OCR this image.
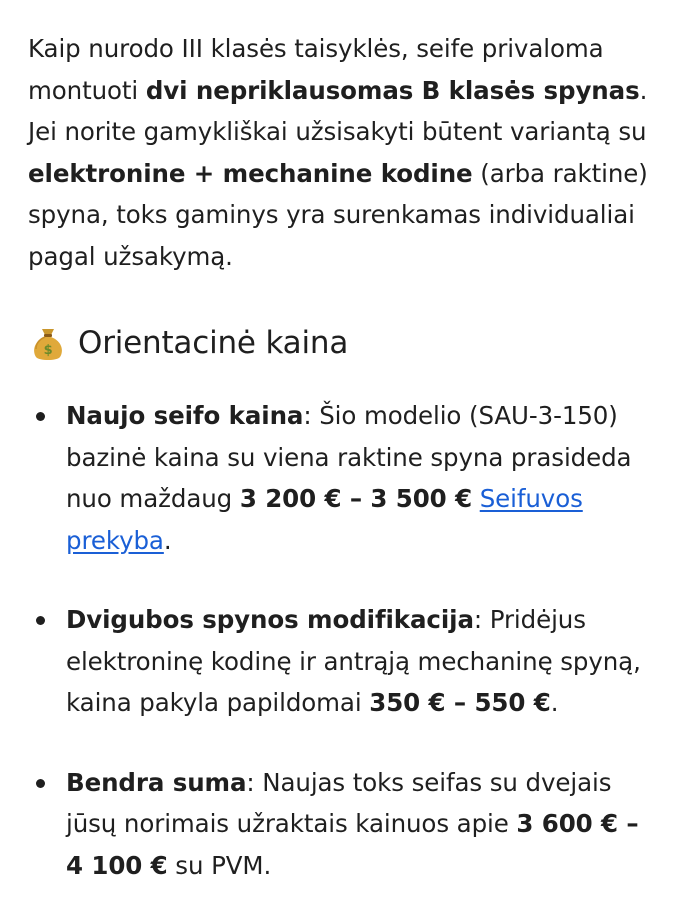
Kaip nurodo III klasės taisyklės, seife privaloma montuoti dvi nepriklausomas B klasės spynas. Jei norite gamykliškai užsisakyti būtent variantą su elektronine + mechanine kodine (arba raktine) spyna, toks gaminys yra surenkamas individualiai pagal užsakymą.

$ Orientacinė kaina
Naujo seifo kaina: Šio modelio (SAU-3-150) bazinė kaina su viena raktine spyna prasideda nuo maždaug 3 200 € – 3 500 € Seifuvos prekyba.
Dvigubos spynos modifikacija: Pridėjus elektroninę kodinę ir antrąją mechaninę spyną, kaina pakyla papildomai 350 € – 550 €.
Bendra suma: Naujas toks seifas su dvejais jūsų norimais užraktais kainuos apie 3 600 € – 4 100 € su PVM.
